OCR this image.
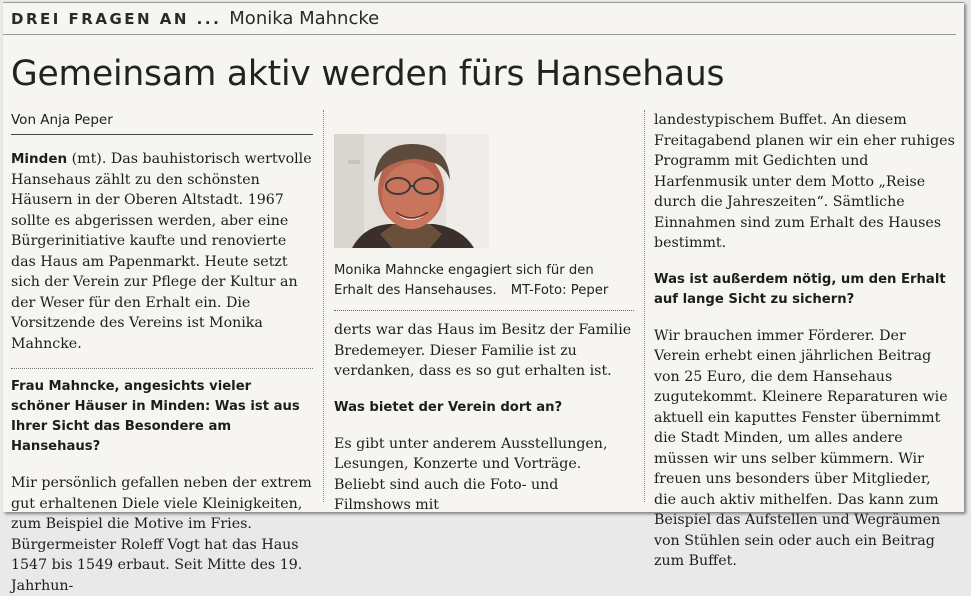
DREI FRAGEN AN ... Monika Mahncke
Gemeinsam aktiv werden fürs Hansehaus
Von Anja Peper

Minden (mt). Das bauhistorisch wertvolle Hansehaus zählt zu den schönsten Häusern in der Oberen Altstadt. 1967 sollte es abgerissen werden, aber eine Bürgerinitiative kaufte und renovierte das Haus am Papenmarkt. Heute setzt sich der Verein zur Pflege der Kultur an der Weser für den Erhalt ein. Die Vorsitzende des Vereins ist Monika Mahncke.

Frau Mahncke, angesichts vieler schöner Häuser in Minden: Was ist aus Ihrer Sicht das Besondere am Hansehaus?

Mir persönlich gefallen neben der extrem gut erhaltenen Diele viele Kleinigkeiten, zum Beispiel die Motive im Fries. Bürgermeister Roleff Vogt hat das Haus 1547 bis 1549 erbaut. Seit Mitte des 19. Jahrhun-

Monika Mahncke engagiert sich für den Erhalt des Hansehauses. MT-Foto: Peper

derts war das Haus im Besitz der Familie Bredemeyer. Dieser Familie ist zu verdanken, dass es so gut erhalten ist.

Was bietet der Verein dort an?

Es gibt unter anderem Ausstellungen, Lesungen, Konzerte und Vorträge. Beliebt sind auch die Foto- und Filmshows mit

landestypischem Buffet. An diesem Freitagabend planen wir ein eher ruhiges Programm mit Gedichten und Harfenmusik unter dem Motto „Reise durch die Jahreszeiten“. Sämtliche Einnahmen sind zum Erhalt des Hauses bestimmt.

Was ist außerdem nötig, um den Erhalt auf lange Sicht zu sichern?

Wir brauchen immer Förderer. Der Verein erhebt einen jährlichen Beitrag von 25 Euro, die dem Hansehaus zugutekommt. Kleinere Reparaturen wie aktuell ein kaputtes Fenster übernimmt die Stadt Minden, um alles andere müssen wir uns selber kümmern. Wir freuen uns besonders über Mitglieder, die auch aktiv mithelfen. Das kann zum Beispiel das Aufstellen und Wegräumen von Stühlen sein oder auch ein Beitrag zum Buffet.
